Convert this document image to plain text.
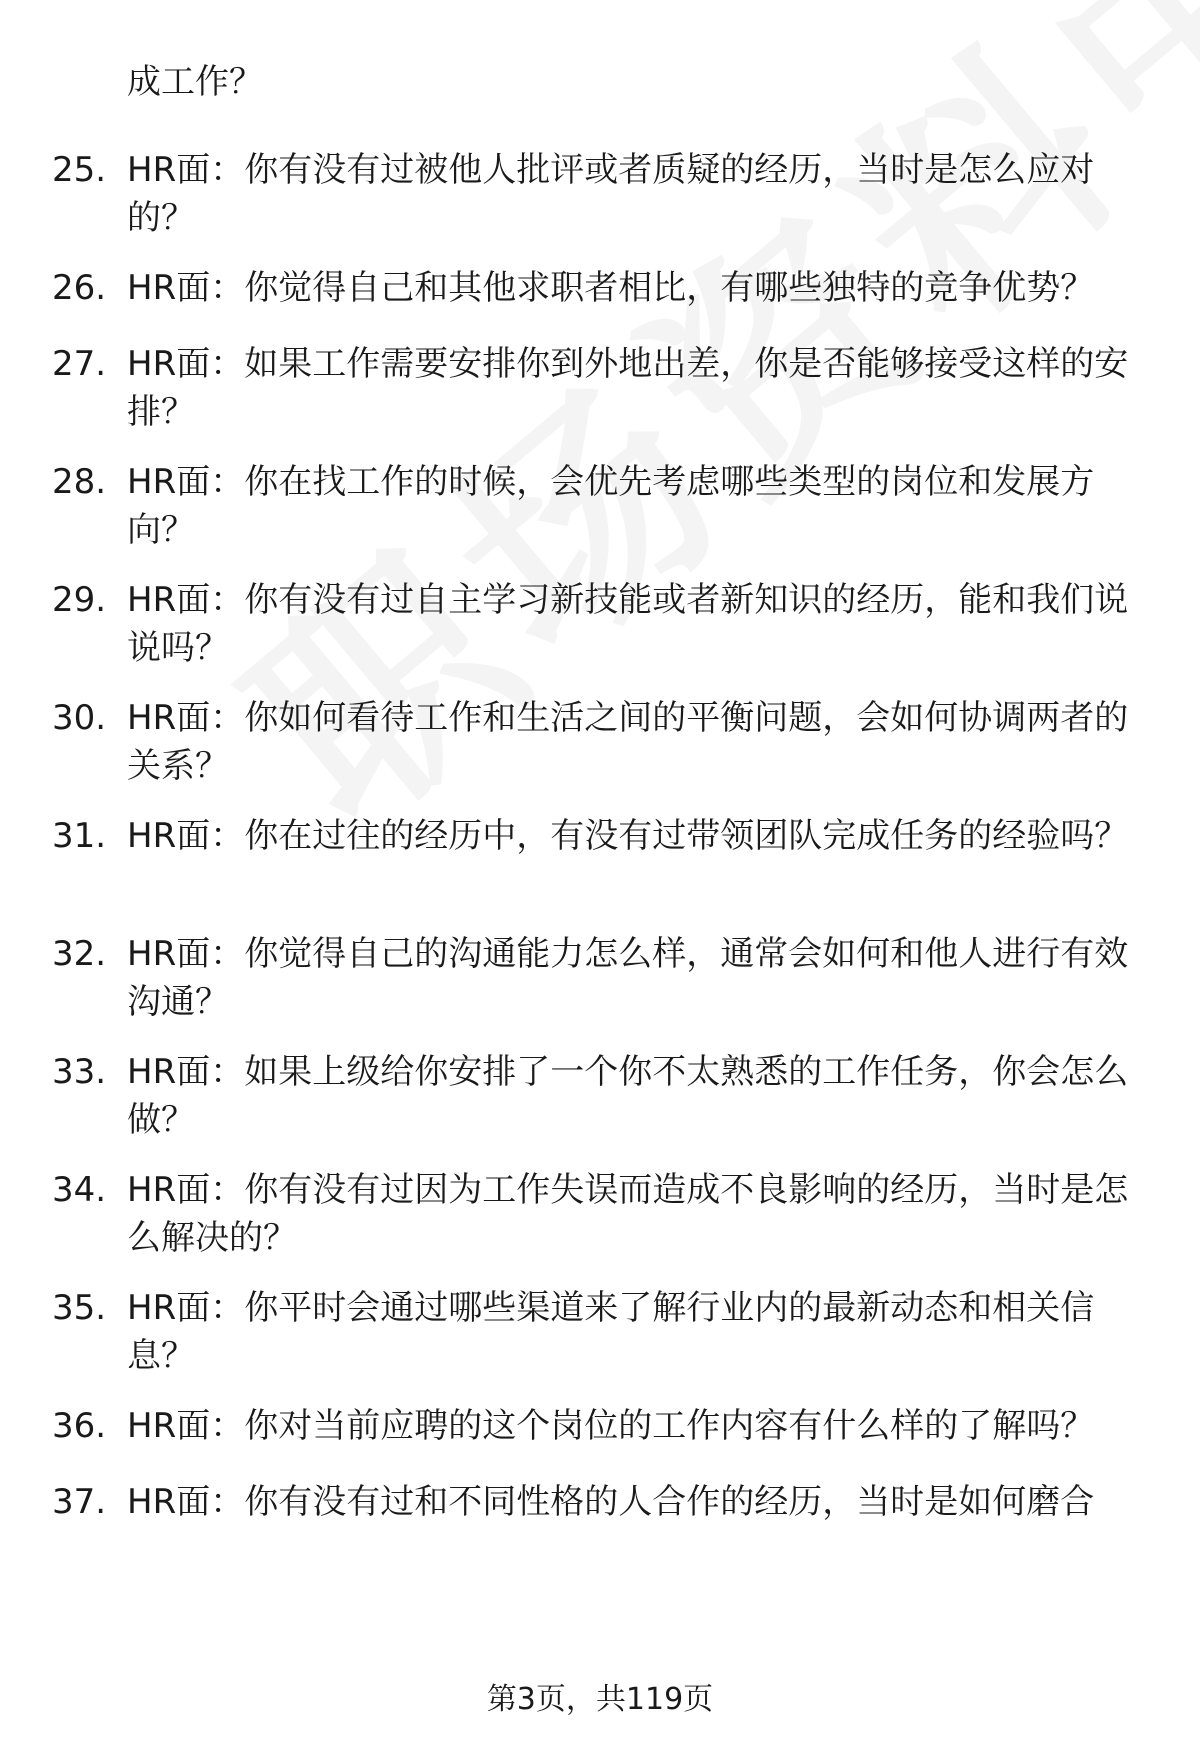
成工作？
25. HR面：你有没有过被他人批评或者质疑的经历，当时是怎么应对的？
26. HR面：你觉得自己和其他求职者相比，有哪些独特的竞争优势？
27. HR面：如果工作需要安排你到外地出差，你是否能够接受这样的安排？
28. HR面：你在找工作的时候，会优先考虑哪些类型的岗位和发展方向？
29. HR面：你有没有过自主学习新技能或者新知识的经历，能和我们说说吗？
30. HR面：你如何看待工作和生活之间的平衡问题，会如何协调两者的关系？
31. HR面：你在过往的经历中，有没有过带领团队完成任务的经验吗？
32. HR面：你觉得自己的沟通能力怎么样，通常会如何和他人进行有效沟通？
33. HR面：如果上级给你安排了一个你不太熟悉的工作任务，你会怎么做？
34. HR面：你有没有过因为工作失误而造成不良影响的经历，当时是怎么解决的？
35. HR面：你平时会通过哪些渠道来了解行业内的最新动态和相关信息？
36. HR面：你对当前应聘的这个岗位的工作内容有什么样的了解吗？
37. HR面：你有没有过和不同性格的人合作的经历，当时是如何磨合
第3页，共119页
